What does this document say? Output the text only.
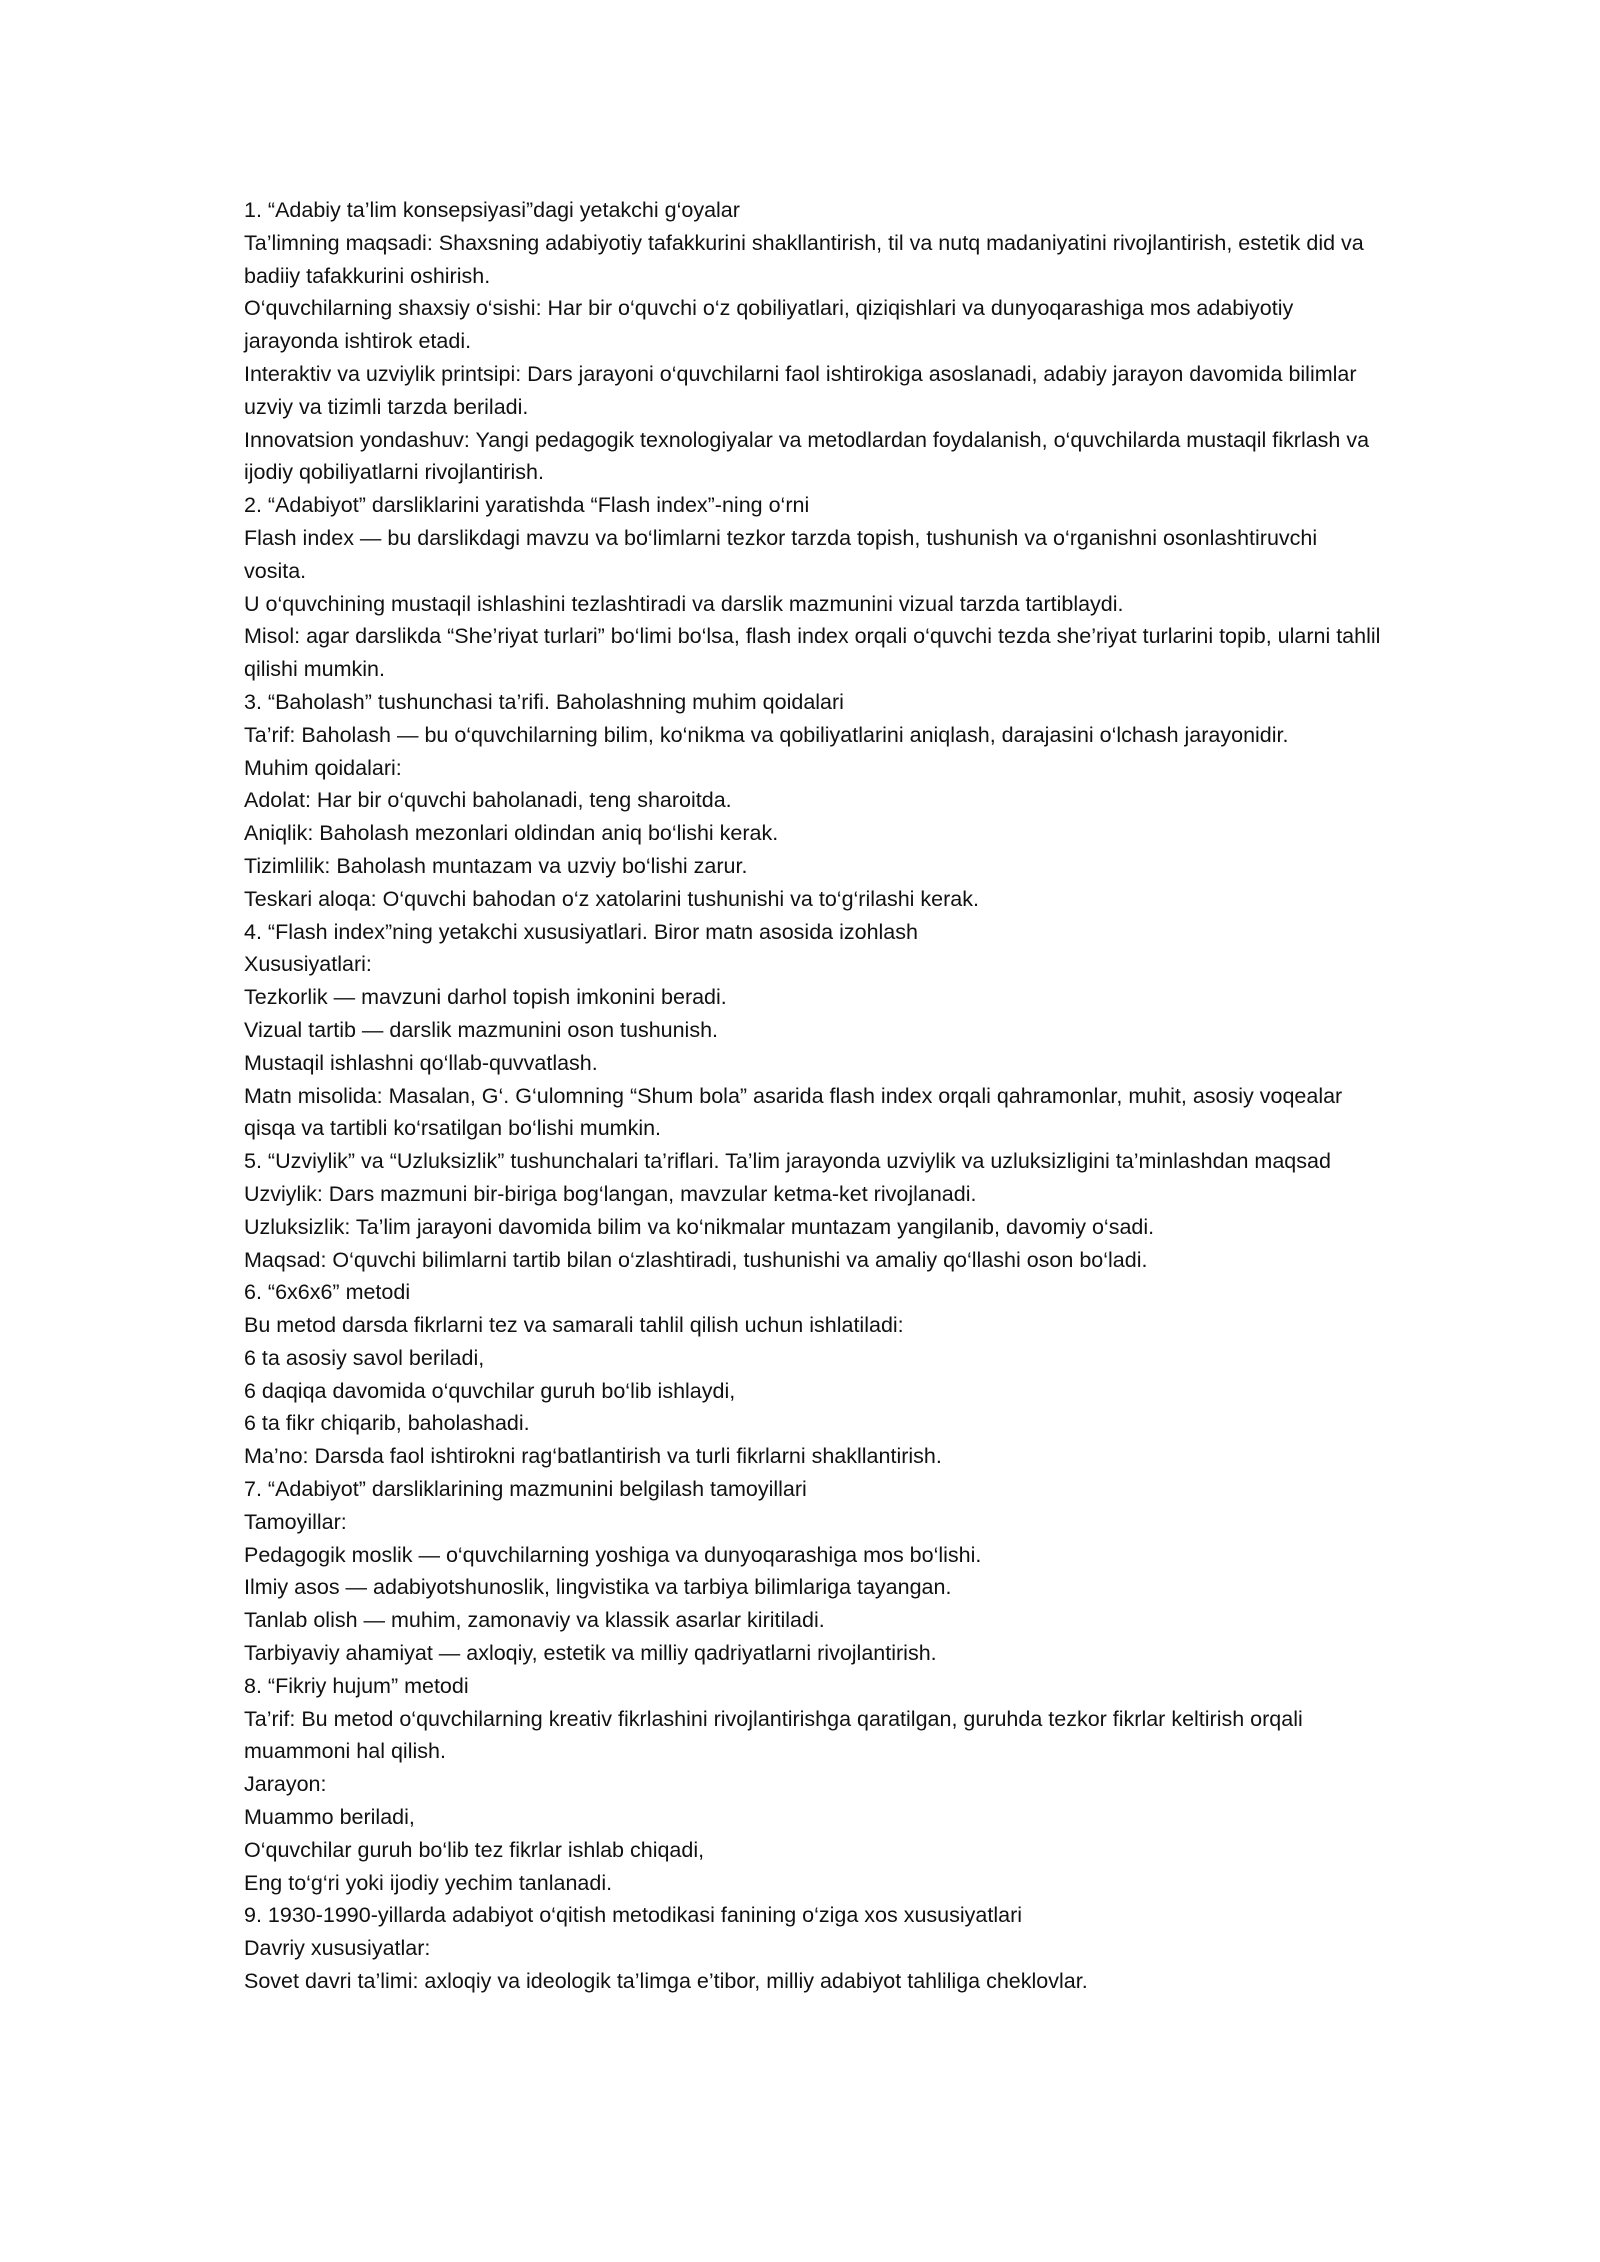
1. “Adabiy ta’lim konsepsiyasi”dagi yetakchi g‘oyalar

Ta’limning maqsadi: Shaxsning adabiyotiy tafakkurini shakllantirish, til va nutq madaniyatini rivojlantirish, estetik did va badiiy tafakkurini oshirish.

O‘quvchilarning shaxsiy o‘sishi: Har bir o‘quvchi o‘z qobiliyatlari, qiziqishlari va dunyoqarashiga mos adabiyotiy jarayonda ishtirok etadi.

Interaktiv va uzviylik printsipi: Dars jarayoni o‘quvchilarni faol ishtirokiga asoslanadi, adabiy jarayon davomida bilimlar uzviy va tizimli tarzda beriladi.

Innovatsion yondashuv: Yangi pedagogik texnologiyalar va metodlardan foydalanish, o‘quvchilarda mustaqil fikrlash va ijodiy qobiliyatlarni rivojlantirish.

2. “Adabiyot” darsliklarini yaratishda “Flash index”-ning o‘rni

Flash index — bu darslikdagi mavzu va bo‘limlarni tezkor tarzda topish, tushunish va o‘rganishni osonlashtiruvchi vosita.

U o‘quvchining mustaqil ishlashini tezlashtiradi va darslik mazmunini vizual tarzda tartiblaydi.

Misol: agar darslikda “She’riyat turlari” bo‘limi bo‘lsa, flash index orqali o‘quvchi tezda she’riyat turlarini topib, ularni tahlil qilishi mumkin.

3. “Baholash” tushunchasi ta’rifi. Baholashning muhim qoidalari

Ta’rif: Baholash — bu o‘quvchilarning bilim, ko‘nikma va qobiliyatlarini aniqlash, darajasini o‘lchash jarayonidir.

Muhim qoidalari:

Adolat: Har bir o‘quvchi baholanadi, teng sharoitda.

Aniqlik: Baholash mezonlari oldindan aniq bo‘lishi kerak.

Tizimlilik: Baholash muntazam va uzviy bo‘lishi zarur.

Teskari aloqa: O‘quvchi bahodan o‘z xatolarini tushunishi va to‘g‘rilashi kerak.

4. “Flash index”ning yetakchi xususiyatlari. Biror matn asosida izohlash

Xususiyatlari:

Tezkorlik — mavzuni darhol topish imkonini beradi.

Vizual tartib — darslik mazmunini oson tushunish.

Mustaqil ishlashni qo‘llab-quvvatlash.

Matn misolida: Masalan, G‘. G‘ulomning “Shum bola” asarida flash index orqali qahramonlar, muhit, asosiy voqealar qisqa va tartibli ko‘rsatilgan bo‘lishi mumkin.

5. “Uzviylik” va “Uzluksizlik” tushunchalari ta’riflari. Ta’lim jarayonda uzviylik va uzluksizligini ta’minlashdan maqsad

Uzviylik: Dars mazmuni bir-biriga bog‘langan, mavzular ketma-ket rivojlanadi.

Uzluksizlik: Ta’lim jarayoni davomida bilim va ko‘nikmalar muntazam yangilanib, davomiy o‘sadi.

Maqsad: O‘quvchi bilimlarni tartib bilan o‘zlashtiradi, tushunishi va amaliy qo‘llashi oson bo‘ladi.

6. “6x6x6” metodi

Bu metod darsda fikrlarni tez va samarali tahlil qilish uchun ishlatiladi:

6 ta asosiy savol beriladi,

6 daqiqa davomida o‘quvchilar guruh bo‘lib ishlaydi,

6 ta fikr chiqarib, baholashadi.

Ma’no: Darsda faol ishtirokni rag‘batlantirish va turli fikrlarni shakllantirish.

7. “Adabiyot” darsliklarining mazmunini belgilash tamoyillari

Tamoyillar:

Pedagogik moslik — o‘quvchilarning yoshiga va dunyoqarashiga mos bo‘lishi.

Ilmiy asos — adabiyotshunoslik, lingvistika va tarbiya bilimlariga tayangan.

Tanlab olish — muhim, zamonaviy va klassik asarlar kiritiladi.

Tarbiyaviy ahamiyat — axloqiy, estetik va milliy qadriyatlarni rivojlantirish.

8. “Fikriy hujum” metodi

Ta’rif: Bu metod o‘quvchilarning kreativ fikrlashini rivojlantirishga qaratilgan, guruhda tezkor fikrlar keltirish orqali muammoni hal qilish.

Jarayon:

Muammo beriladi,

O‘quvchilar guruh bo‘lib tez fikrlar ishlab chiqadi,

Eng to‘g‘ri yoki ijodiy yechim tanlanadi.

9. 1930-1990-yillarda adabiyot o‘qitish metodikasi fanining o‘ziga xos xususiyatlari

Davriy xususiyatlar:

Sovet davri ta’limi: axloqiy va ideologik ta’limga e’tibor, milliy adabiyot tahliliga cheklovlar.
